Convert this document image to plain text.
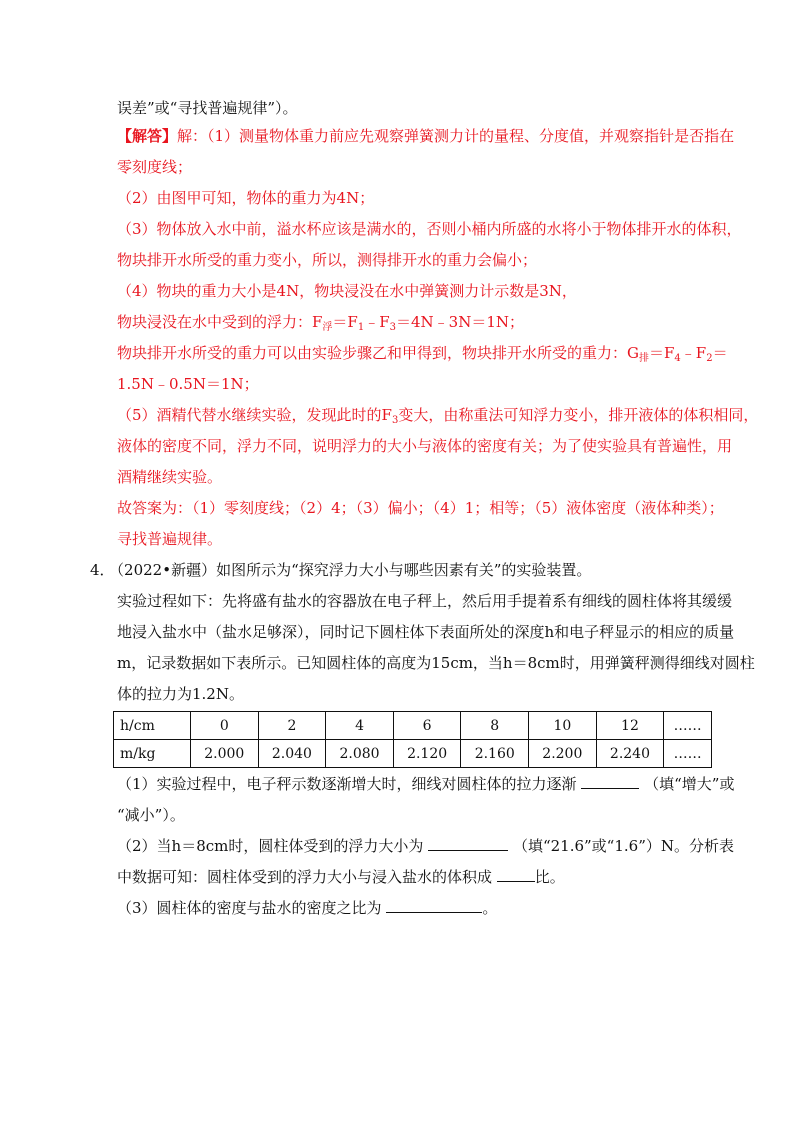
误差”或“寻找普遍规律”）。
【解答】解：（1）测量物体重力前应先观察弹簧测力计的量程、分度值，并观察指针是否指在
零刻度线；
（2）由图甲可知，物体的重力为4N；
（3）物体放入水中前，溢水杯应该是满水的，否则小桶内所盛的水将小于物体排开水的体积，
物块排开水所受的重力变小，所以，测得排开水的重力会偏小；
（4）物块的重力大小是4N，物块浸没在水中弹簧测力计示数是3N，
物块浸没在水中受到的浮力：$F_浮=F_1﹣F_3=4N﹣3N=1N$；
物块排开水所受的重力可以由实验步骤乙和甲得到，物块排开水所受的重力：$G_排=F_4﹣F_2=$
1.5N﹣0.5N＝1N；
（5）酒精代替水继续实验，发现此时的$F_3$变大，由称重法可知浮力变小，排开液体的体积相同，
液体的密度不同，浮力不同，说明浮力的大小与液体的密度有关；为了使实验具有普遍性，用
酒精继续实验。
故答案为：（1）零刻度线；（2）4；（3）偏小；（4）1；相等；（5）液体密度（液体种类）；
寻找普遍规律。
4． （2022•新疆）如图所示为“探究浮力大小与哪些因素有关”的实验装置。
实验过程如下：先将盛有盐水的容器放在电子秤上，然后用手提着系有细线的圆柱体将其缓缓
地浸入盐水中（盐水足够深），同时记下圆柱体下表面所处的深度h和电子秤显示的相应的质量
m，记录数据如下表所示。已知圆柱体的高度为15cm，当h＝8cm时，用弹簧秤测得细线对圆柱
体的拉力为1.2N。
h/cm	0	2	4	6	8	10	12	……
m/kg	2.000	2.040	2.080	2.120	2.160	2.200	2.240	……
（1）实验过程中，电子秤示数逐渐增大时，细线对圆柱体的拉力逐渐	（填“增大”或
“减小”）。
（2）当h＝8cm时，圆柱体受到的浮力大小为	（填“21.6”或“1.6”）N。分析表
中数据可知：圆柱体受到的浮力大小与浸入盐水的体积成	比。
（3）圆柱体的密度与盐水的密度之比为	。
